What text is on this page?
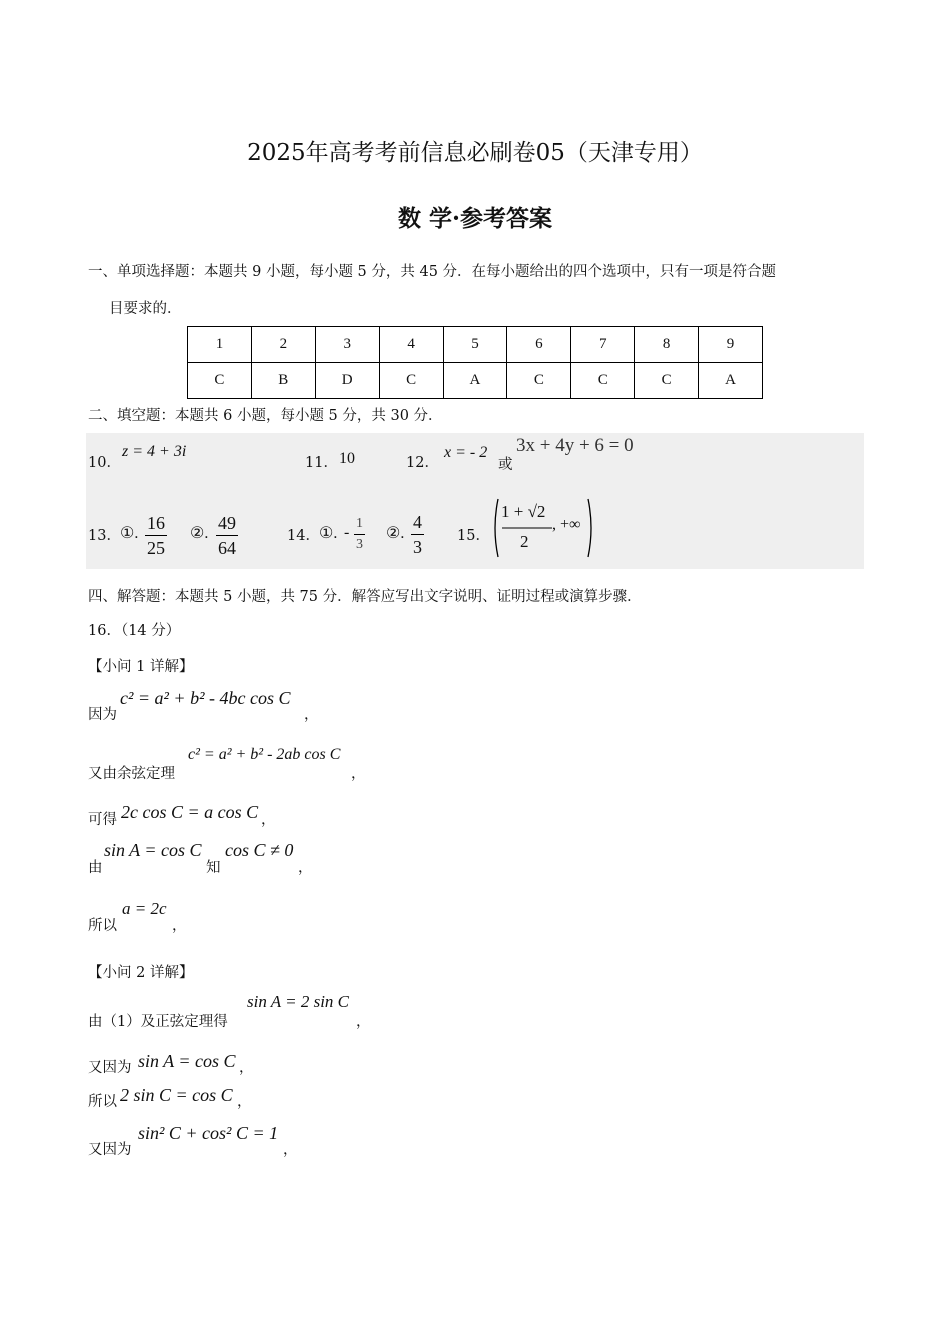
2025年高考考前信息必刷卷05（天津专用）
数 学·参考答案
一、单项选择题：本题共 9 小题，每小题 5 分，共 45 分．在每小题给出的四个选项中，只有一项是符合题
目要求的．
1	2	3	4	5	6	7	8	9
C	B	D	C	A	C	C	C	A
二、填空题：本题共 6 小题，每小题 5 分，共 30 分．
10．
z = 4 + 3i
11． 10	12．
x = - 2
或
3x + 4y + 6 = 0
13． ①. $\frac{16}{25}$ ②. $\frac{49}{64}$	14． ①. - $\frac{1}{3}$ ②. $\frac{4}{3} 15$．
1 + √2
2
, +∞
四、解答题：本题共 5 小题，共 75 分．解答应写出文字说明、证明过程或演算步骤．
16．（14 分）
【小问 1 详解】
因为
c² = a² + b² - 4bc cos C
，
又由余弦定理
c² = a² + b² - 2ab cos C
，
可得 2c cos C = a cos C ，
由
sin A = cos C
知
cos C ≠ 0
，
所以
a = 2c
，
【小问 2 详解】
由（1）及正弦定理得
sin A = 2 sin C
，
又因为 sin A = cos C ，
所以 2 sin C = cos C ，
又因为
sin² C + cos² C = 1
，
